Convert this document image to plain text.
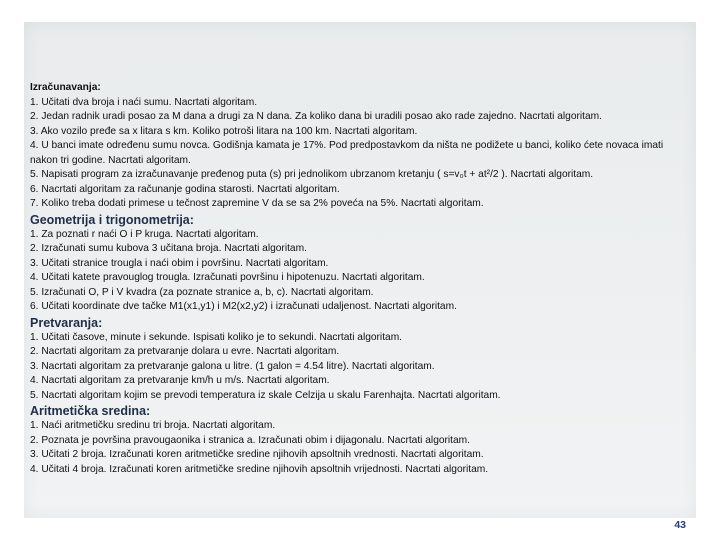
Izračunavanja:
1. Učitati dva broja i naći sumu. Nacrtati algoritam.
2. Jedan radnik uradi posao za M dana a drugi za N dana. Za koliko dana bi uradili posao ako rade zajedno. Nacrtati algoritam.
3. Ako vozilo pređe sa x litara s km. Koliko potroši litara na 100 km. Nacrtati algoritam.
4. U banci imate određenu sumu novca. Godišnja kamata je 17%. Pod predpostavkom da ništa ne podižete u banci, koliko ćete novaca imati nakon tri godine. Nacrtati algoritam.
5. Napisati program za izračunavanje pređenog puta (s) pri jednolikom ubrzanom kretanju ( s=v₀t + at²/2 ). Nacrtati algoritam.
6. Nacrtati algoritam za računanje godina starosti. Nacrtati algoritam.
7. Koliko treba dodati primese u tečnost zapremine V da se sa 2% poveća na 5%. Nacrtati algoritam.
Geometrija i trigonometrija:
1. Za poznati r naći O i P kruga. Nacrtati algoritam.
2. Izračunati sumu kubova 3 učitana broja. Nacrtati algoritam.
3. Učitati stranice trougla i naći obim i površinu. Nacrtati algoritam.
4. Učitati katete pravouglog trougla. Izračunati površinu i hipotenuzu. Nacrtati algoritam.
5. Izračunati O, P i V kvadra (za poznate stranice a, b, c). Nacrtati algoritam.
6. Učitati koordinate dve tačke M1(x1,y1) i M2(x2,y2) i izračunati udaljenost. Nacrtati algoritam.
Pretvaranja:
1. Učitati časove, minute i sekunde. Ispisati koliko je to sekundi. Nacrtati algoritam.
2. Nacrtati algoritam za pretvaranje dolara u evre. Nacrtati algoritam.
3. Nacrtati algoritam za pretvaranje galona u litre. (1 galon = 4.54 litre). Nacrtati algoritam.
4. Nacrtati algoritam za pretvaranje km/h u m/s. Nacrtati algoritam.
5. Nacrtati algoritam kojim se prevodi temperatura iz skale Celzija u skalu Farenhajta. Nacrtati algoritam.
Aritmetička sredina:
1. Naći aritmetičku sredinu tri broja. Nacrtati algoritam.
2. Poznata je površina pravougaonika i stranica a. Izračunati obim i dijagonalu. Nacrtati algoritam.
3. Učitati 2 broja. Izračunati koren aritmetičke sredine njihovih apsoltnih vrednosti. Nacrtati algoritam.
4. Učitati 4 broja. Izračunati koren aritmetičke sredine njihovih apsoltnih vrijednosti. Nacrtati algoritam.
43
